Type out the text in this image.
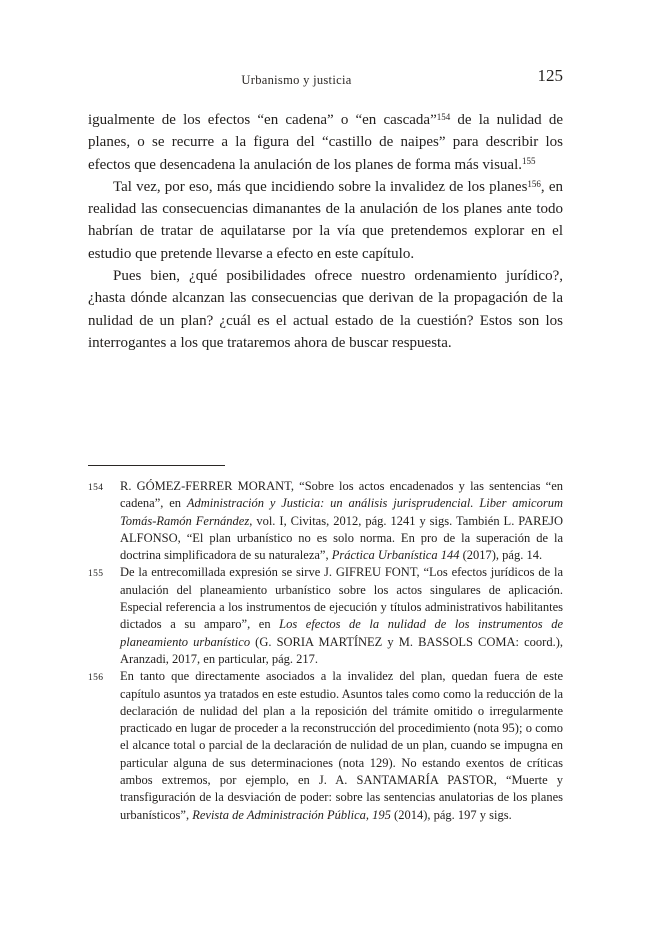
Urbanismo y justicia	125

igualmente de los efectos “en cadena” o “en cascada”$^{154}$ de la nulidad de planes, o se recurre a la figura del “castillo de naipes” para describir los efectos que desencadena la anulación de los planes de forma más visual.$^{155}$

Tal vez, por eso, más que incidiendo sobre la invalidez de los planes$^{156}$, en realidad las consecuencias dimanantes de la anulación de los planes ante todo habrían de tratar de aquilatarse por la vía que pretendemos explorar en el estudio que pretende llevarse a efecto en este capítulo.

Pues bien, ¿qué posibilidades ofrece nuestro ordenamiento jurídico?, ¿hasta dónde alcanzan las consecuencias que derivan de la propagación de la nulidad de un plan? ¿cuál es el actual estado de la cuestión? Estos son los interrogantes a los que trataremos ahora de buscar respuesta.

154	R. GÓMEZ-FERRER MORANT, “Sobre los actos encadenados y las sentencias “en cadena”, en Administración y Justicia: un análisis jurisprudencial. Liber amicorum Tomás-Ramón Fernández, vol. I, Civitas, 2012, pág. 1241 y sigs. También L. PAREJO ALFONSO, “El plan urbanístico no es solo norma. En pro de la superación de la doctrina simplificadora de su naturaleza”, Práctica Urbanística 144 (2017), pág. 14.
155	De la entrecomillada expresión se sirve J. GIFREU FONT, “Los efectos jurídicos de la anulación del planeamiento urbanístico sobre los actos singulares de aplicación. Especial referencia a los instrumentos de ejecución y títulos administrativos habilitantes dictados a su amparo”, en Los efectos de la nulidad de los instrumentos de planeamiento urbanístico (G. SORIA MARTÍNEZ y M. BASSOLS COMA: coord.), Aranzadi, 2017, en particular, pág. 217.
156	En tanto que directamente asociados a la invalidez del plan, quedan fuera de este capítulo asuntos ya tratados en este estudio. Asuntos tales como como la reducción de la declaración de nulidad del plan a la reposición del trámite omitido o irregularmente practicado en lugar de proceder a la reconstrucción del procedimiento (nota 95); o como el alcance total o parcial de la declaración de nulidad de un plan, cuando se impugna en particular alguna de sus determinaciones (nota 129). No estando exentos de críticas ambos extremos, por ejemplo, en J. A. SANTAMARÍA PASTOR, “Muerte y transfiguración de la desviación de poder: sobre las sentencias anulatorias de los planes urbanísticos”, Revista de Administración Pública, 195 (2014), pág. 197 y sigs.
